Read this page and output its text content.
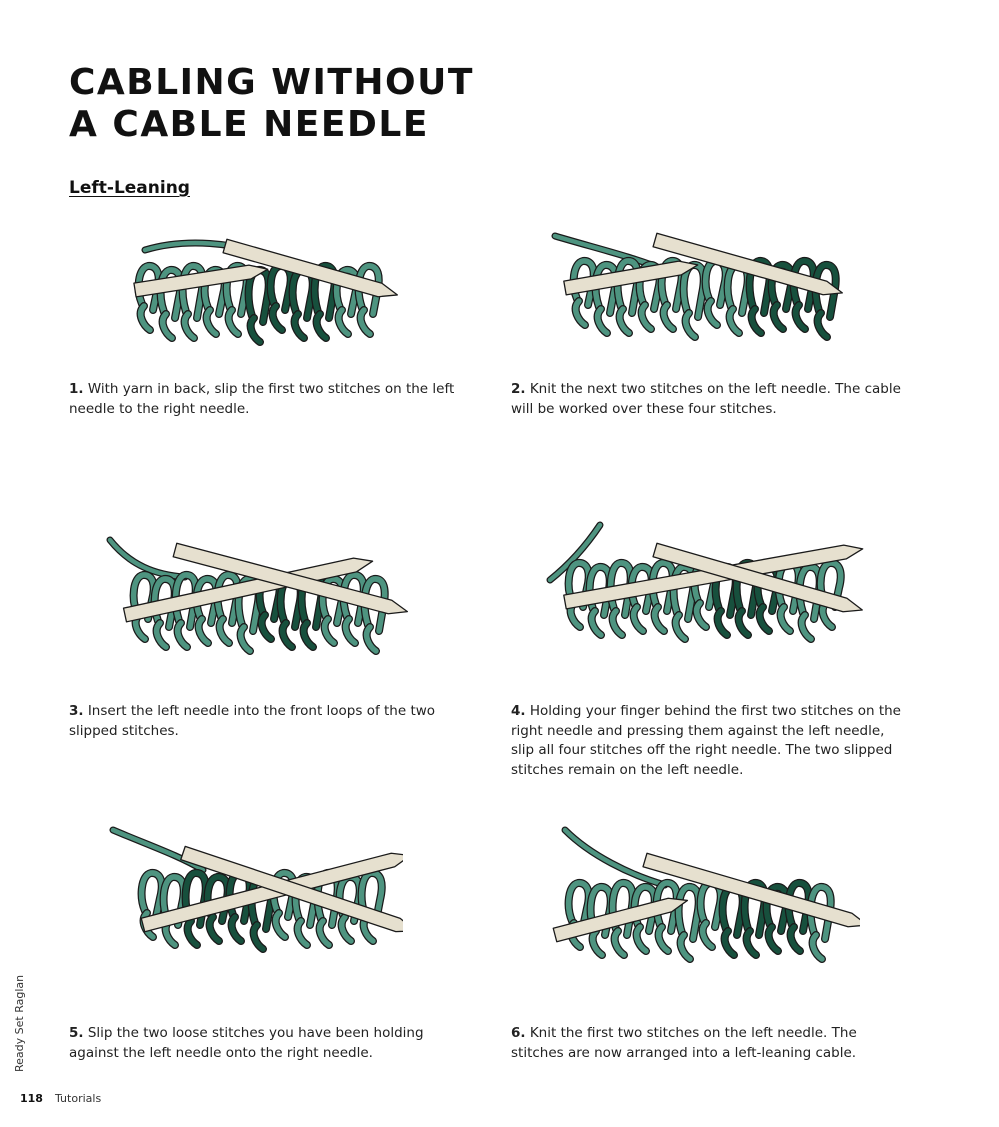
CABLING WITHOUT
A CABLE NEEDLE
Left-Leaning

1. With yarn in back, slip the first two stitches on the left needle to the right needle.

2. Knit the next two stitches on the left needle. The cable will be worked over these four stitches.

3. Insert the left needle into the front loops of the two slipped stitches.

4. Holding your finger behind the first two stitches on the right needle and pressing them against the left needle, slip all four stitches off the right needle. The two slipped stitches remain on the left needle.

5. Slip the two loose stitches you have been holding against the left needle onto the right needle.

6. Knit the first two stitches on the left needle. The stitches are now arranged into a left-leaning cable.

Ready Set Raglan
118 Tutorials
